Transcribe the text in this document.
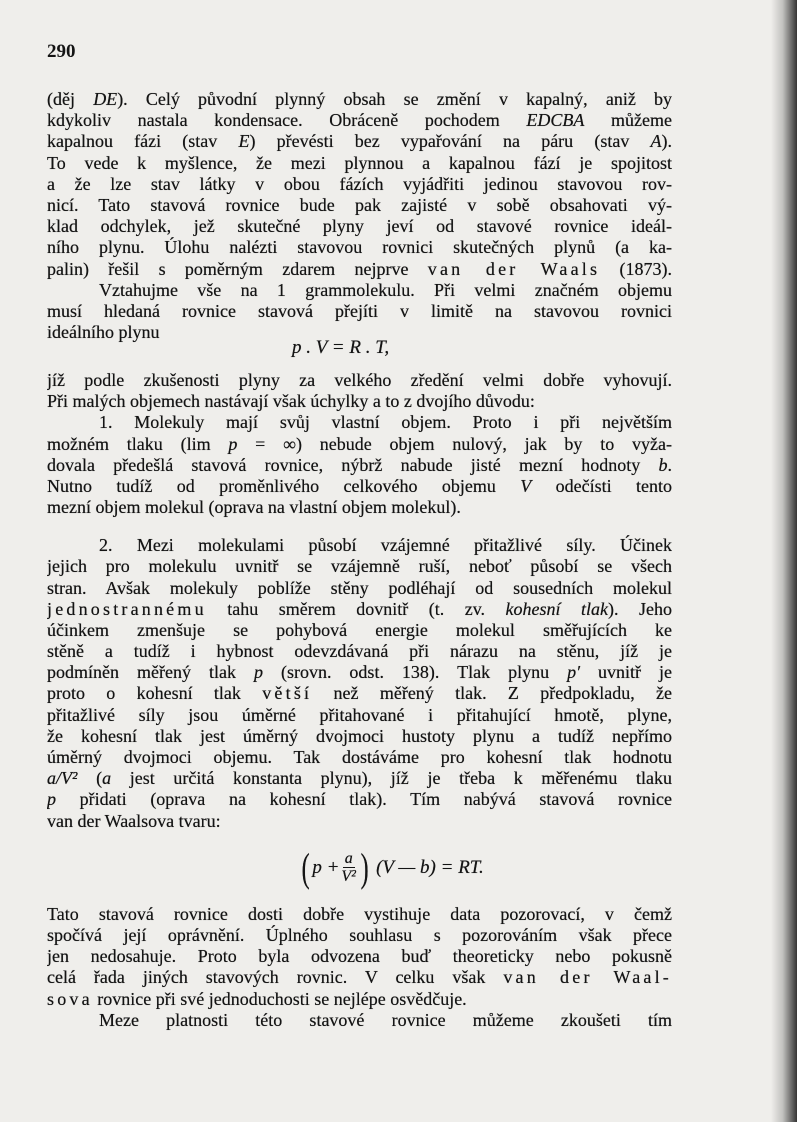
290
(děj DE). Celý původní plynný obsah se změní v kapalný, aniž by
kdykoliv nastala kondensace. Obráceně pochodem EDCBA můžeme
kapalnou fázi (stav E) převésti bez vypařování na páru (stav A).
To vede k myšlence, že mezi plynnou a kapalnou fází je spojitost
a že lze stav látky v obou fázích vyjádřiti jedinou stavovou rov-
nicí. Tato stavová rovnice bude pak zajisté v sobě obsahovati vý-
klad odchylek, jež skutečné plyny jeví od stavové rovnice ideál-
ního plynu. Úlohu nalézti stavovou rovnici skutečných plynů (a ka-
palin) řešil s poměrným zdarem nejprve van der Waals (1873).
Vztahujme vše na 1 grammolekulu. Při velmi značném objemu
musí hledaná rovnice stavová přejíti v limitě na stavovou rovnici
ideálního plynu
p . V = R . T,
jíž podle zkušenosti plyny za velkého zředění velmi dobře vyhovují.
Při malých objemech nastávají však úchylky a to z dvojího důvodu:
1. Molekuly mají svůj vlastní objem. Proto i při největším
možném tlaku (lim p = ∞) nebude objem nulový, jak by to vyža-
dovala předešlá stavová rovnice, nýbrž nabude jisté mezní hodnoty b.
Nutno tudíž od proměnlivého celkového objemu V odečísti tento
mezní objem molekul (oprava na vlastní objem molekul).
2. Mezi molekulami působí vzájemné přitažlivé síly. Účinek
jejich pro molekulu uvnitř se vzájemně ruší, neboť působí se všech
stran. Avšak molekuly poblíže stěny podléhají od sousedních molekul
jednostrannému tahu směrem dovnitř (t. zv. kohesní tlak). Jeho
účinkem zmenšuje se pohybová energie molekul směřujících ke
stěně a tudíž i hybnost odevzdávaná při nárazu na stěnu, jíž je
podmíněn měřený tlak p (srovn. odst. 138). Tlak plynu p′ uvnitř je
proto o kohesní tlak větší než měřený tlak. Z předpokladu, že
přitažlivé síly jsou úměrné přitahované i přitahující hmotě, plyne,
že kohesní tlak jest úměrný dvojmoci hustoty plynu a tudíž nepřímo
úměrný dvojmoci objemu. Tak dostáváme pro kohesní tlak hodnotu
a/V² (a jest určitá konstanta plynu), jíž je třeba k měřenému tlaku
p přidati (oprava na kohesní tlak). Tím nabývá stavová rovnice
van der Waalsova tvaru:
( $p + \frac{a}{\text{V²}}$ ) (V — b) = RT.
Tato stavová rovnice dosti dobře vystihuje data pozorovací, v čemž
spočívá její oprávnění. Úplného souhlasu s pozorováním však přece
jen nedosahuje. Proto byla odvozena buď theoreticky nebo pokusně
celá řada jiných stavových rovnic. V celku však van der Waal-
sova rovnice při své jednoduchosti se nejlépe osvědčuje.
Meze platnosti této stavové rovnice můžeme zkoušeti tím
